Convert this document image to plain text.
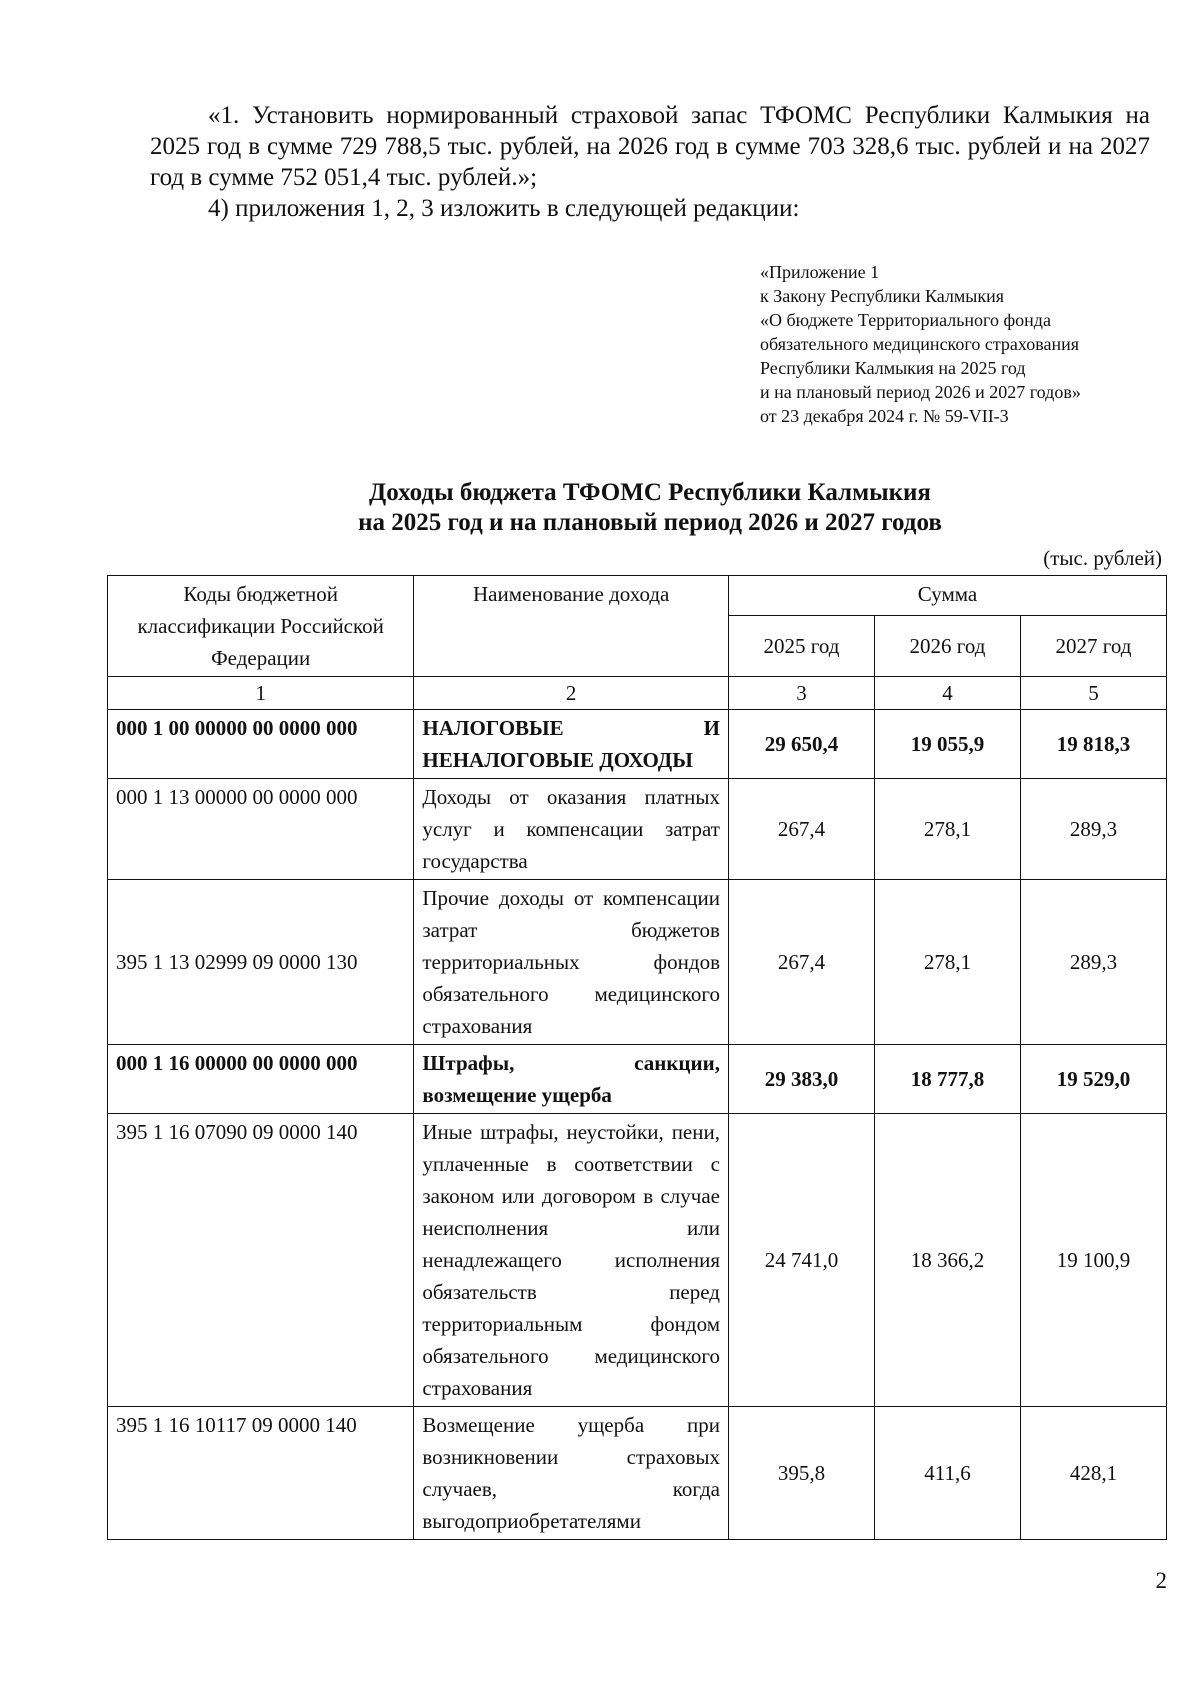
«1. Установить нормированный страховой запас ТФОМС Республики Калмыкия на 2025 год в сумме 729 788,5 тыс. рублей, на 2026 год в сумме 703 328,6 тыс. рублей и на 2027 год в сумме 752 051,4 тыс. рублей.»;

4) приложения 1, 2, 3 изложить в следующей редакции:

«Приложение 1
к Закону Республики Калмыкия
«О бюджете Территориального фонда
обязательного медицинского страхования
Республики Калмыкия на 2025 год
и на плановый период 2026 и 2027 годов»
от 23 декабря 2024 г. № 59-VII-3
Доходы бюджета ТФОМС Республики Калмыкия
на 2025 год и на плановый период 2026 и 2027 годов
(тыс. рублей)
Коды бюджетной классификации Российской Федерации	Наименование дохода	Сумма		
		2025 год	2026 год	2027 год
1	2	3	4	5
000 1 00 00000 00 0000 000	НАЛОГОВЫЕ И НЕНАЛОГОВЫЕ ДОХОДЫ	29 650,4	19 055,9	19 818,3
000 1 13 00000 00 0000 000	Доходы от оказания платных услуг и компенсации затрат государства	267,4	278,1	289,3
395 1 13 02999 09 0000 130	Прочие доходы от компенсации затрат бюджетов территориальных фондов обязательного медицинского страхования	267,4	278,1	289,3
000 1 16 00000 00 0000 000	Штрафы, санкции, возмещение ущерба	29 383,0	18 777,8	19 529,0
395 1 16 07090 09 0000 140	Иные штрафы, неустойки, пени, уплаченные в соответствии с законом или договором в случае неисполнения или ненадлежащего исполнения обязательств перед территориальным фондом обязательного медицинского страхования	24 741,0	18 366,2	19 100,9
395 1 16 10117 09 0000 140	Возмещение ущерба при возникновении страховых случаев, когда выгодоприобретателями	395,8	411,6	428,1
2
